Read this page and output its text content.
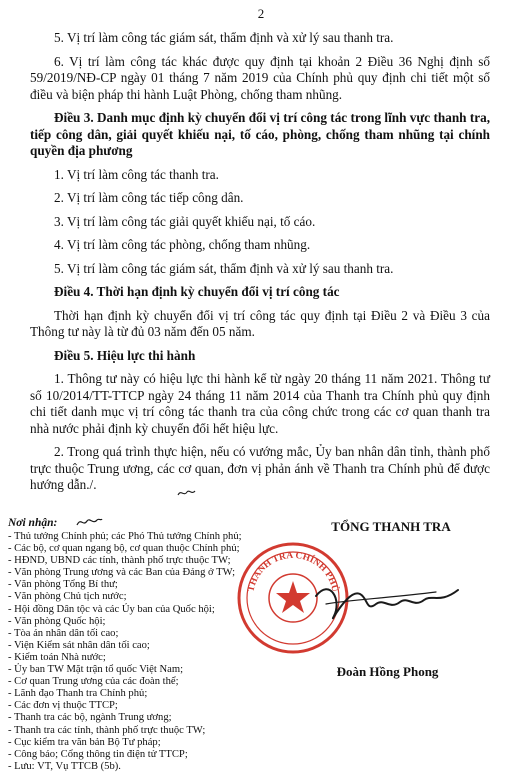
2

5. Vị trí làm công tác giám sát, thẩm định và xử lý sau thanh tra.

6. Vị trí làm công tác khác được quy định tại khoản 2 Điều 36 Nghị định số 59/2019/NĐ-CP ngày 01 tháng 7 năm 2019 của Chính phủ quy định chi tiết một số điều và biện pháp thi hành Luật Phòng, chống tham nhũng.

Điều 3. Danh mục định kỳ chuyển đổi vị trí công tác trong lĩnh vực thanh tra, tiếp công dân, giải quyết khiếu nại, tố cáo, phòng, chống tham nhũng tại chính quyền địa phương

1. Vị trí làm công tác thanh tra.

2. Vị trí làm công tác tiếp công dân.

3. Vị trí làm công tác giải quyết khiếu nại, tố cáo.

4. Vị trí làm công tác phòng, chống tham nhũng.

5. Vị trí làm công tác giám sát, thẩm định và xử lý sau thanh tra.

Điều 4. Thời hạn định kỳ chuyển đổi vị trí công tác

Thời hạn định kỳ chuyển đổi vị trí công tác quy định tại Điều 2 và Điều 3 của Thông tư này là từ đủ 03 năm đến 05 năm.

Điều 5. Hiệu lực thi hành

1. Thông tư này có hiệu lực thi hành kể từ ngày 20 tháng 11 năm 2021. Thông tư số 10/2014/TT-TTCP ngày 24 tháng 11 năm 2014 của Thanh tra Chính phủ quy định chi tiết danh mục vị trí công tác thanh tra của công chức trong các cơ quan thanh tra nhà nước phải định kỳ chuyển đổi hết hiệu lực.

2. Trong quá trình thực hiện, nếu có vướng mắc, Ủy ban nhân dân tỉnh, thành phố trực thuộc Trung ương, các cơ quan, đơn vị phản ánh về Thanh tra Chính phủ để được hướng dẫn./.

Nơi nhận:

- Thủ tướng Chính phủ; các Phó Thủ tướng Chính phủ;

- Các bộ, cơ quan ngang bộ, cơ quan thuộc Chính phủ;

- HĐND, UBND các tỉnh, thành phố trực thuộc TW;

- Văn phòng Trung ương và các Ban của Đảng ở TW;

- Văn phòng Tổng Bí thư;

- Văn phòng Chủ tịch nước;

- Hội đồng Dân tộc và các Ủy ban của Quốc hội;

- Văn phòng Quốc hội;

- Tòa án nhân dân tối cao;

- Viện Kiểm sát nhân dân tối cao;

- Kiểm toán Nhà nước;

- Ủy ban TW Mặt trận tổ quốc Việt Nam;

- Cơ quan Trung ương của các đoàn thể;

- Lãnh đạo Thanh tra Chính phủ;

- Các đơn vị thuộc TTCP;

- Thanh tra các bộ, ngành Trung ương;

- Thanh tra các tỉnh, thành phố trực thuộc TW;

- Cục kiểm tra văn bản Bộ Tư pháp;

- Công báo; Cổng thông tin điện tử TTCP;

- Lưu: VT, Vụ TTCB (5b).

TỔNG THANH TRA
THANH TRA CHÍNH PHỦ
Đoàn Hồng Phong
